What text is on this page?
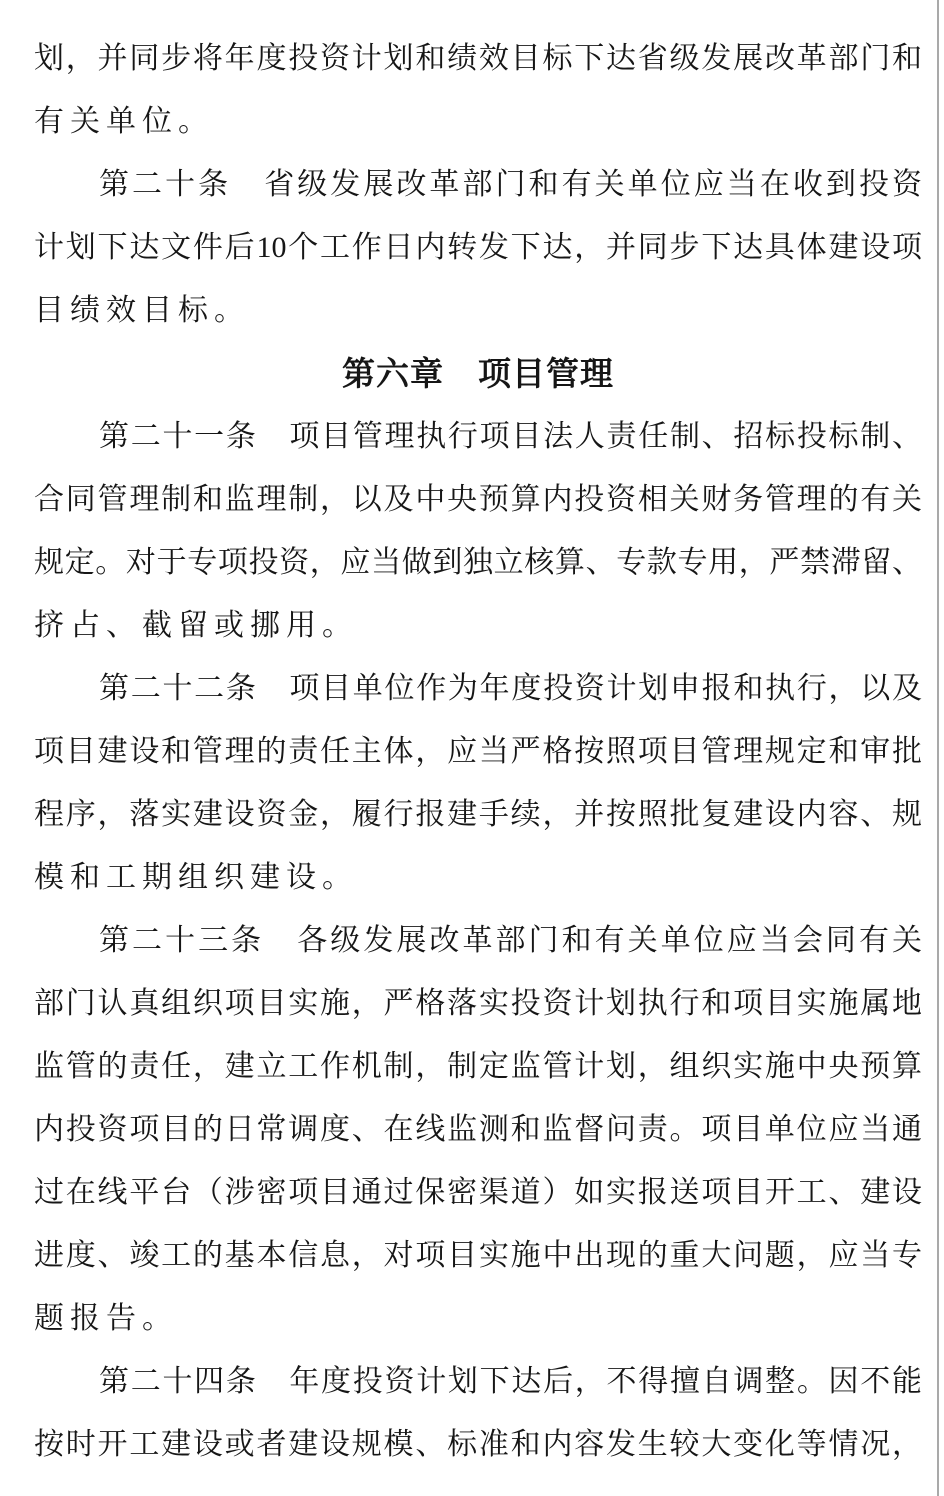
划，并同步将年度投资计划和绩效目标下达省级发展改革部门和
有关单位。
第二十条　省级发展改革部门和有关单位应当在收到投资
计划下达文件后10个工作日内转发下达，并同步下达具体建设项
目绩效目标。
第六章　项目管理
第二十一条　项目管理执行项目法人责任制、招标投标制、
合同管理制和监理制，以及中央预算内投资相关财务管理的有关
规定。对于专项投资，应当做到独立核算、专款专用，严禁滞留、
挤占、截留或挪用。
第二十二条　项目单位作为年度投资计划申报和执行，以及
项目建设和管理的责任主体，应当严格按照项目管理规定和审批
程序，落实建设资金，履行报建手续，并按照批复建设内容、规
模和工期组织建设。
第二十三条　各级发展改革部门和有关单位应当会同有关
部门认真组织项目实施，严格落实投资计划执行和项目实施属地
监管的责任，建立工作机制，制定监管计划，组织实施中央预算
内投资项目的日常调度、在线监测和监督问责。项目单位应当通
过在线平台（涉密项目通过保密渠道）如实报送项目开工、建设
进度、竣工的基本信息，对项目实施中出现的重大问题，应当专
题报告。
第二十四条　年度投资计划下达后，不得擅自调整。因不能
按时开工建设或者建设规模、标准和内容发生较大变化等情况，
